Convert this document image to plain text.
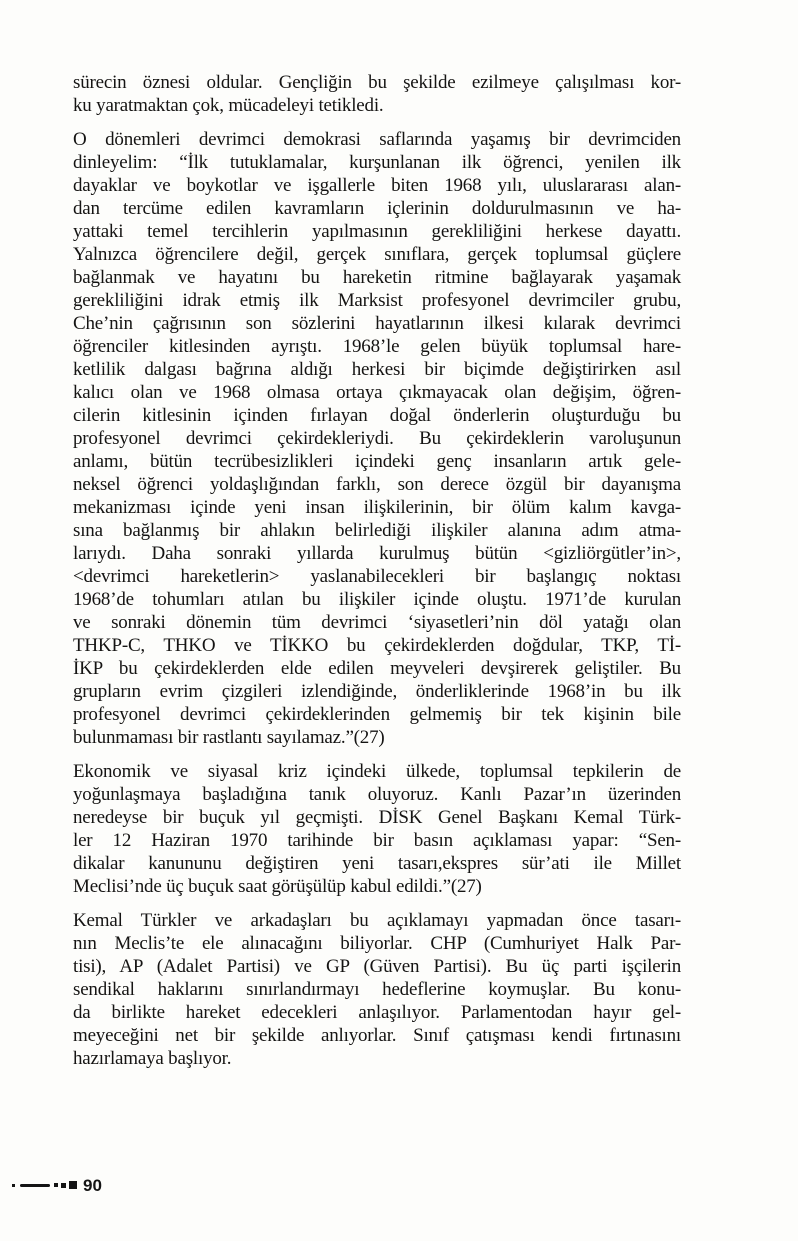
sürecin öznesi oldular. Gençliğin bu şekilde ezilmeye çalışılması kor-
ku yaratmaktan çok, mücadeleyi tetikledi.
O dönemleri devrimci demokrasi saflarında yaşamış bir devrimciden
dinleyelim: “İlk tutuklamalar, kurşunlanan ilk öğrenci, yenilen ilk
dayaklar ve boykotlar ve işgallerle biten 1968 yılı, uluslararası alan-
dan tercüme edilen kavramların içlerinin doldurulmasının ve ha-
yattaki temel tercihlerin yapılmasının gerekliliğini herkese dayattı.
Yalnızca öğrencilere değil, gerçek sınıflara, gerçek toplumsal güçlere
bağlanmak ve hayatını bu hareketin ritmine bağlayarak yaşamak
gerekliliğini idrak etmiş ilk Marksist profesyonel devrimciler grubu,
Che’nin çağrısının son sözlerini hayatlarının ilkesi kılarak devrimci
öğrenciler kitlesinden ayrıştı. 1968’le gelen büyük toplumsal hare-
ketlilik dalgası bağrına aldığı herkesi bir biçimde değiştirirken asıl
kalıcı olan ve 1968 olmasa ortaya çıkmayacak olan değişim, öğren-
cilerin kitlesinin içinden fırlayan doğal önderlerin oluşturduğu bu
profesyonel devrimci çekirdekleriydi. Bu çekirdeklerin varoluşunun
anlamı, bütün tecrübesizlikleri içindeki genç insanların artık gele-
neksel öğrenci yoldaşlığından farklı, son derece özgül bir dayanışma
mekanizması içinde yeni insan ilişkilerinin, bir ölüm kalım kavga-
sına bağlanmış bir ahlakın belirlediği ilişkiler alanına adım atma-
larıydı. Daha sonraki yıllarda kurulmuş bütün <gizliörgütler’in>,
<devrimci hareketlerin> yaslanabilecekleri bir başlangıç noktası
1968’de tohumları atılan bu ilişkiler içinde oluştu. 1971’de kurulan
ve sonraki dönemin tüm devrimci ‘siyasetleri’nin döl yatağı olan
THKP-C, THKO ve TİKKO bu çekirdeklerden doğdular, TKP, Tİ-
İKP bu çekirdeklerden elde edilen meyveleri devşirerek geliştiler. Bu
grupların evrim çizgileri izlendiğinde, önderliklerinde 1968’in bu ilk
profesyonel devrimci çekirdeklerinden gelmemiş bir tek kişinin bile
bulunmaması bir rastlantı sayılamaz.”(27)
Ekonomik ve siyasal kriz içindeki ülkede, toplumsal tepkilerin de
yoğunlaşmaya başladığına tanık oluyoruz. Kanlı Pazar’ın üzerinden
neredeyse bir buçuk yıl geçmişti. DİSK Genel Başkanı Kemal Türk-
ler 12 Haziran 1970 tarihinde bir basın açıklaması yapar: “Sen-
dikalar kanununu değiştiren yeni tasarı,ekspres sür’ati ile Millet
Meclisi’nde üç buçuk saat görüşülüp kabul edildi.”(27)
Kemal Türkler ve arkadaşları bu açıklamayı yapmadan önce tasarı-
nın Meclis’te ele alınacağını biliyorlar. CHP (Cumhuriyet Halk Par-
tisi), AP (Adalet Partisi) ve GP (Güven Partisi). Bu üç parti işçilerin
sendikal haklarını sınırlandırmayı hedeflerine koymuşlar. Bu konu-
da birlikte hareket edecekleri anlaşılıyor. Parlamentodan hayır gel-
meyeceğini net bir şekilde anlıyorlar. Sınıf çatışması kendi fırtınasını
hazırlamaya başlıyor.
90
